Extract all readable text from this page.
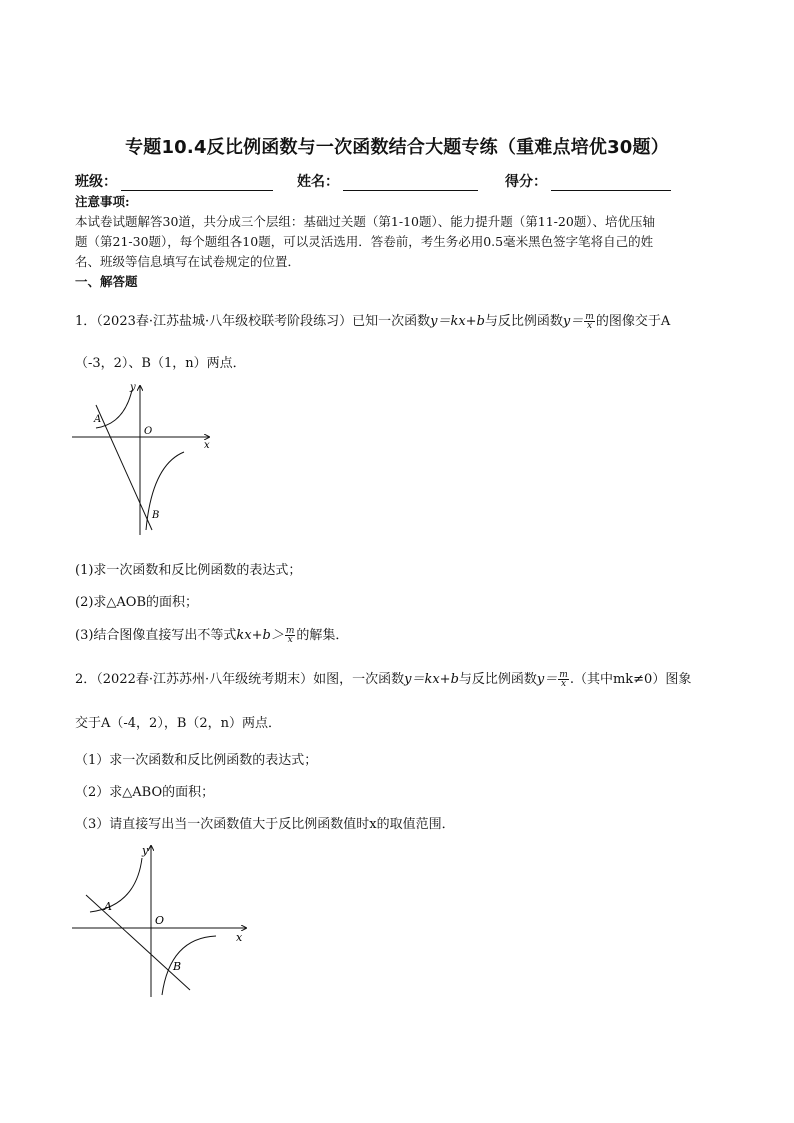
专题10.4反比例函数与一次函数结合大题专练（重难点培优30题）
班级：	姓名：	得分：
注意事项:
本试卷试题解答30道，共分成三个层组：基础过关题（第1-10题）、能力提升题（第11-20题）、培优压轴
题（第21-30题），每个题组各10题，可以灵活选用．答卷前，考生务必用0.5毫米黑色签字笔将自己的姓
名、班级等信息填写在试卷规定的位置．
一、解答题
1．（2023春·江苏盐城·八年级校联考阶段练习）已知一次函数y＝kx+b与反比例函数$y= \frac{m}{x}$ 的图像交于A
（-3，2）、B（1，n）两点．
y
x
O
A
B
(1)求一次函数和反比例函数的表达式；
(2)求△AOB的面积；
(3)结合图像直接写出不等式$kx+b> \frac{m}{x}$ 的解集．
2．（2022春·江苏苏州·八年级统考期末）如图，一次函数y＝kx+b与反比例函数$y= \frac{m}{x}$ .（其中mk≠0）图象
交于A（-4，2），B（2，n）两点．
（1）求一次函数和反比例函数的表达式；
（2）求△ABO的面积；
（3）请直接写出当一次函数值大于反比例函数值时x的取值范围．
y
x
O
A
B
